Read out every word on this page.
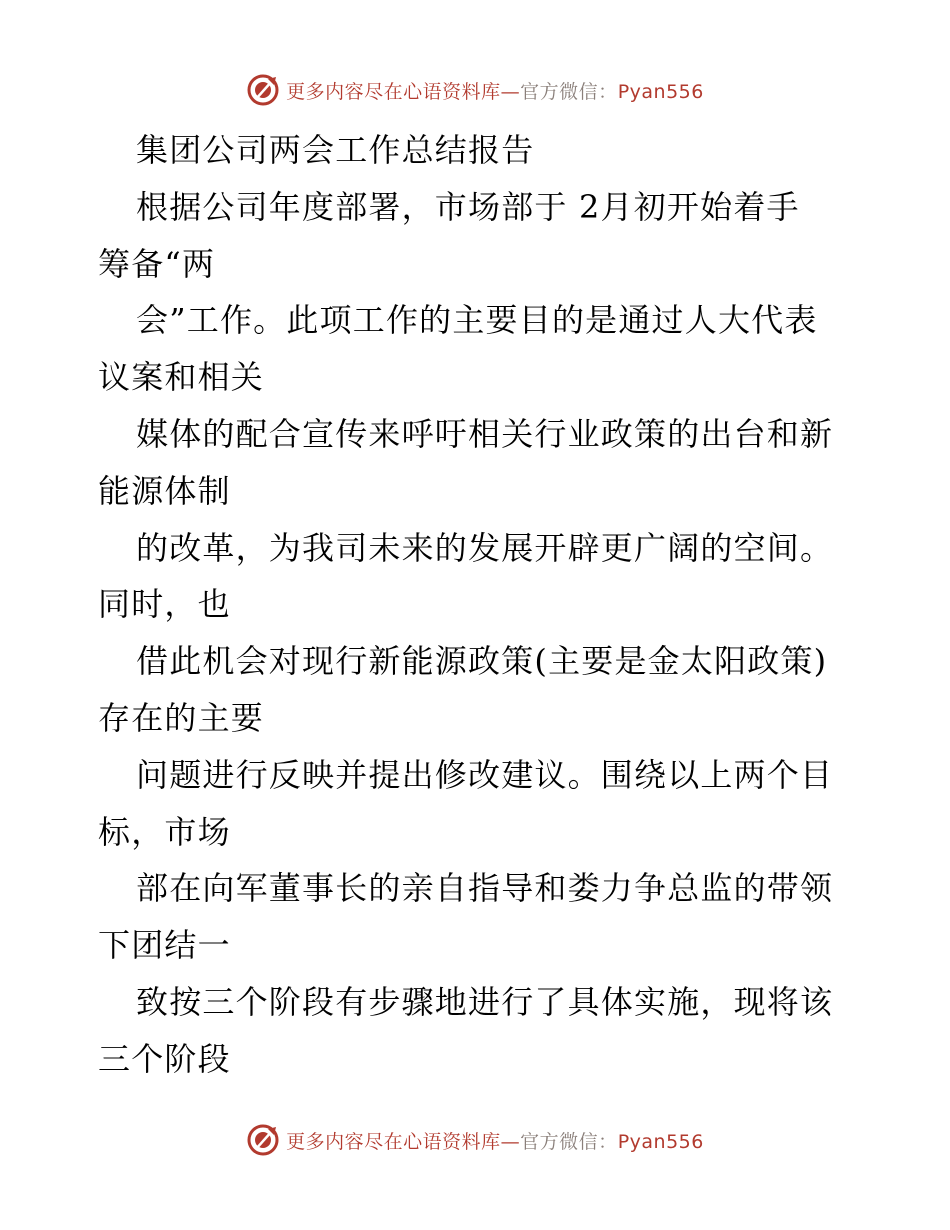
更多内容尽在心语资料库—官方微信：Pyan556
集团公司两会工作总结报告
根据公司年度部署，市场部于 2月初开始着手
筹备“两
会”工作。此项工作的主要目的是通过人大代表
议案和相关
媒体的配合宣传来呼吁相关行业政策的出台和新
能源体制
的改革，为我司未来的发展开辟更广阔的空间。
同时，也
借此机会对现行新能源政策(主要是金太阳政策)
存在的主要
问题进行反映并提出修改建议。围绕以上两个目
标，市场
部在向军董事长的亲自指导和娄力争总监的带领
下团结一
致按三个阶段有步骤地进行了具体实施，现将该
三个阶段
更多内容尽在心语资料库—官方微信：Pyan556
